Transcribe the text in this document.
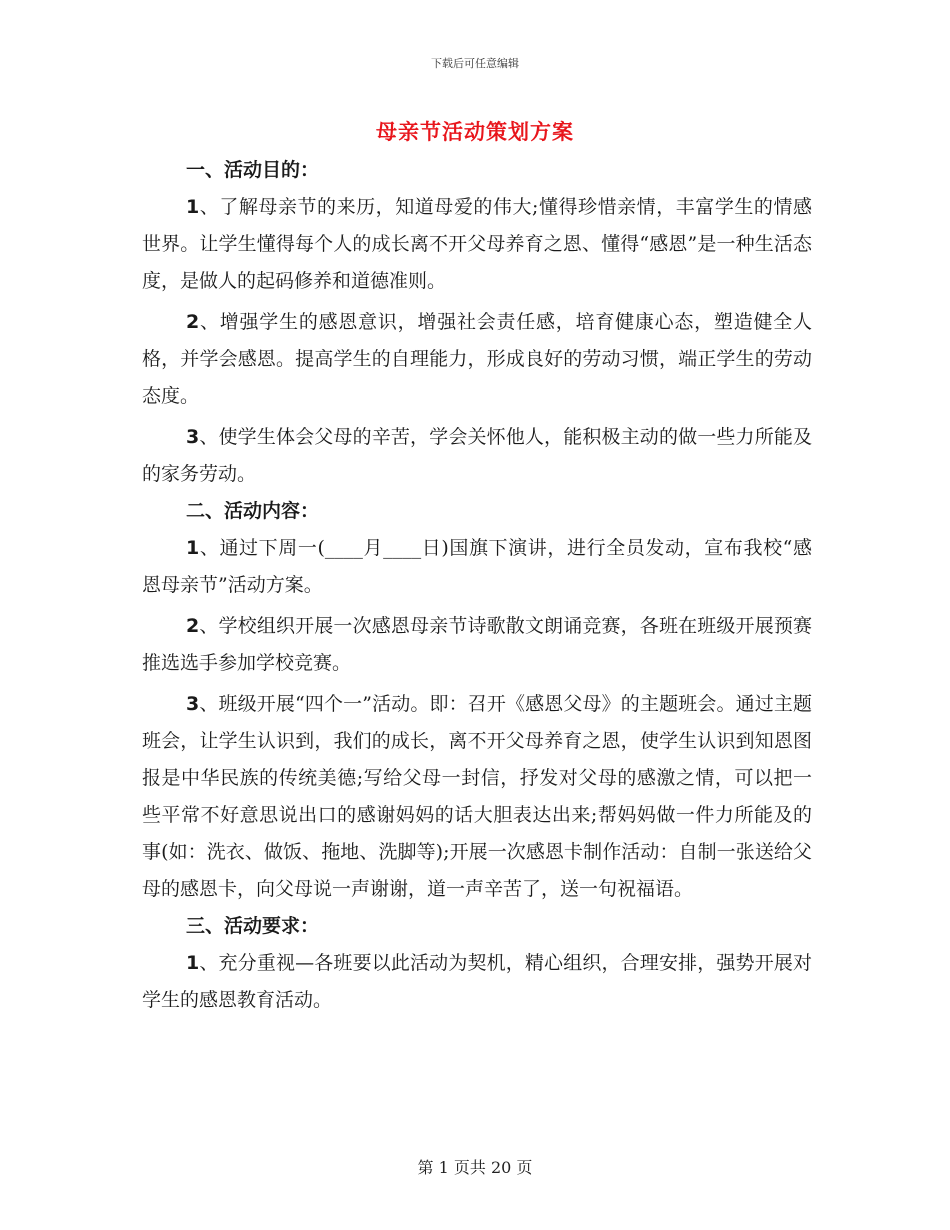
下载后可任意编辑
母亲节活动策划方案
一、活动目的：

1、了解母亲节的来历，知道母爱的伟大;懂得珍惜亲情，丰富学生的情感世界。让学生懂得每个人的成长离不开父母养育之恩、懂得“感恩”是一种生活态度，是做人的起码修养和道德准则。

2、增强学生的感恩意识，增强社会责任感，培育健康心态，塑造健全人格，并学会感恩。提高学生的自理能力，形成良好的劳动习惯，端正学生的劳动态度。

3、使学生体会父母的辛苦，学会关怀他人，能积极主动的做一些力所能及的家务劳动。

二、活动内容：

1、通过下周一(____月____日)国旗下演讲，进行全员发动，宣布我校“感恩母亲节”活动方案。

2、学校组织开展一次感恩母亲节诗歌散文朗诵竞赛，各班在班级开展预赛推选选手参加学校竞赛。

3、班级开展“四个一”活动。即：召开《感恩父母》的主题班会。通过主题班会，让学生认识到，我们的成长，离不开父母养育之恩，使学生认识到知恩图报是中华民族的传统美德;写给父母一封信，抒发对父母的感激之情，可以把一些平常不好意思说出口的感谢妈妈的话大胆表达出来;帮妈妈做一件力所能及的事(如：洗衣、做饭、拖地、洗脚等);开展一次感恩卡制作活动：自制一张送给父母的感恩卡，向父母说一声谢谢，道一声辛苦了，送一句祝福语。

三、活动要求：

1、充分重视—各班要以此活动为契机，精心组织，合理安排，强势开展对学生的感恩教育活动。

第 1 页共 20 页
